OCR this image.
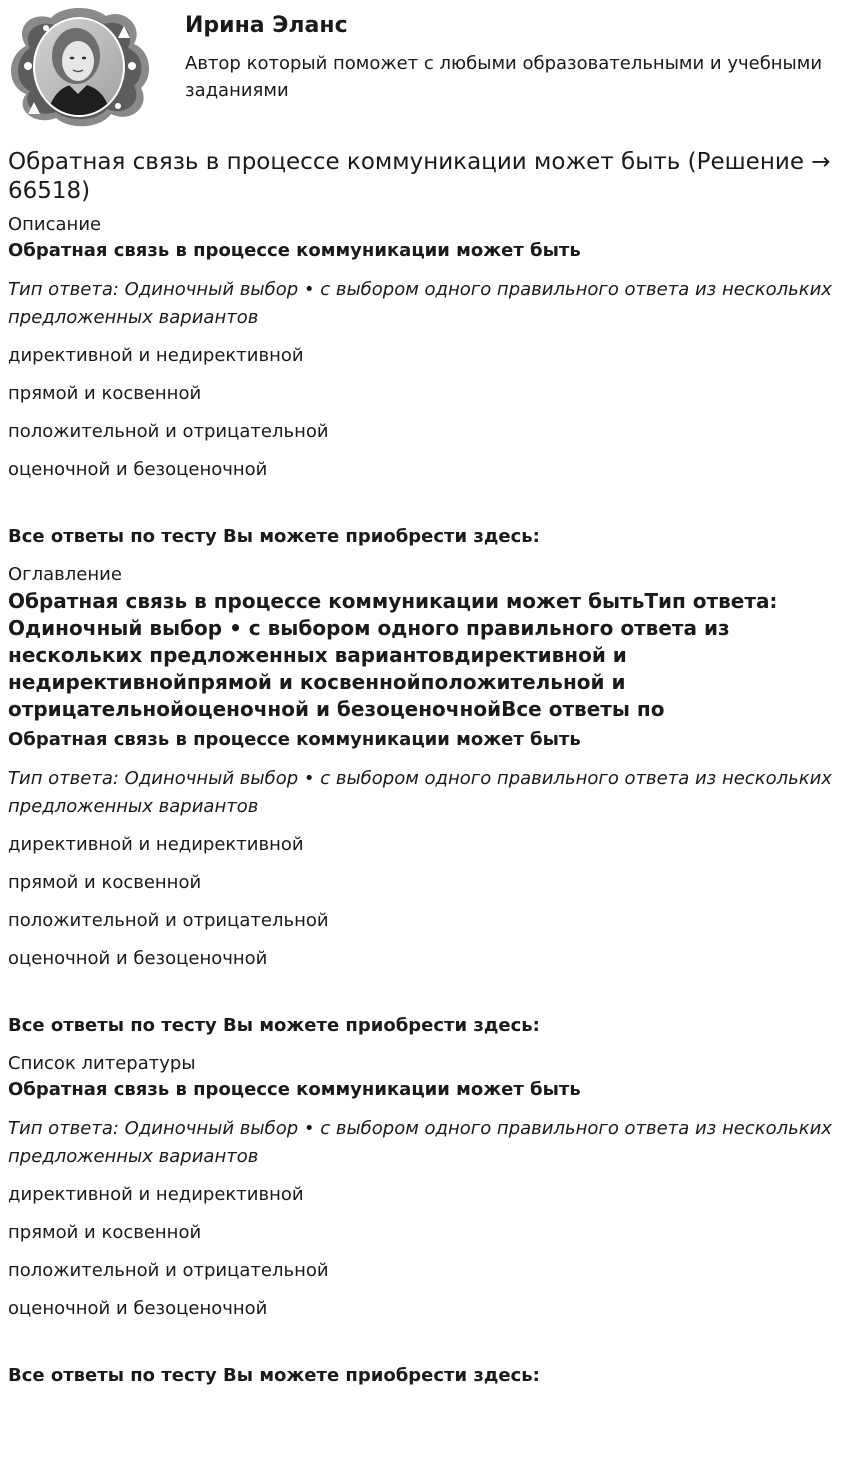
Ирина Эланс

Автор который поможет с любыми образовательными и учебными заданиями

Обратная связь в процессе коммуникации может быть (Решение → 66518)

Описание

Обратная связь в процессе коммуникации может быть

Тип ответа: Одиночный выбор • с выбором одного правильного ответа из нескольких предложенных вариантов

директивной и недирективной

прямой и косвенной

положительной и отрицательной

оценочной и безоценочной

Все ответы по тесту Вы можете приобрести здесь:

Оглавление

Обратная связь в процессе коммуникации может бытьТип ответа: Одиночный выбор • с выбором одного правильного ответа из нескольких предложенных вариантовдирективной и недирективнойпрямой и косвеннойположительной и отрицательнойоценочной и безоценочнойВсе ответы по

Обратная связь в процессе коммуникации может быть

Тип ответа: Одиночный выбор • с выбором одного правильного ответа из нескольких предложенных вариантов

директивной и недирективной

прямой и косвенной

положительной и отрицательной

оценочной и безоценочной

Все ответы по тесту Вы можете приобрести здесь:

Список литературы

Обратная связь в процессе коммуникации может быть

Тип ответа: Одиночный выбор • с выбором одного правильного ответа из нескольких предложенных вариантов

директивной и недирективной

прямой и косвенной

положительной и отрицательной

оценочной и безоценочной

Все ответы по тесту Вы можете приобрести здесь:
